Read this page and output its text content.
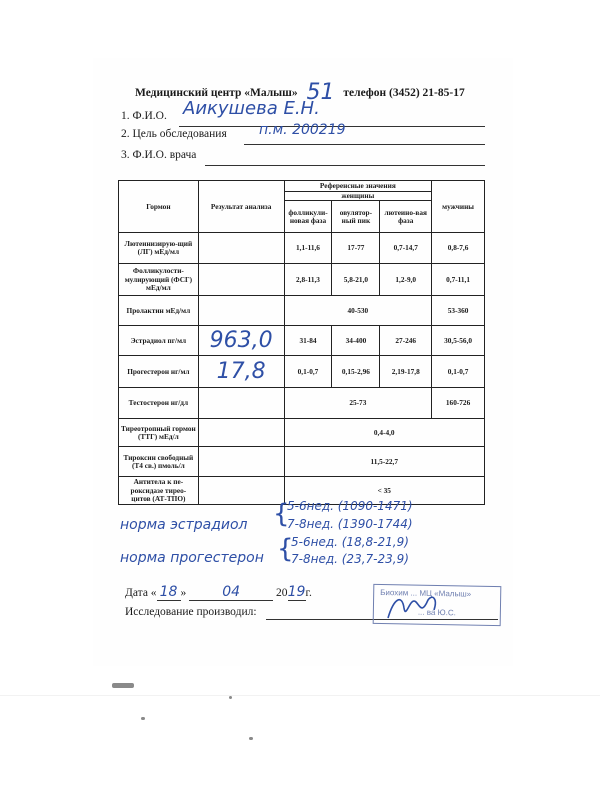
Медицинский центр «Малыш» 51 телефон (3452) 21-85-17
1. Ф.И.О. Аикушева Е.Н.
2. Цель обследования п.м. 200219
3. Ф.И.О. врача
Гормон	Результат анализа	Референсные значения			мужчины
		женщины			
		фолликули-новая фаза	овулятор-ный пик	лютеино-вая фаза	
Лютеинизирую-щий (ЛГ) мЕд/мл		1,1-11,6	17-77	0,7-14,7	0,8-7,6
Фолликулости-мулирующий (ФСГ) мЕд/мл		2,8-11,3	5,8-21,0	1,2-9,0	0,7-11,1
Пролактин мЕд/мл		40-530			53-360
Эстрадиол пг/мл	963,0	31-84	34-400	27-246	30,5-56,0
Прогестерон нг/мл	17,8	0,1-0,7	0,15-2,96	2,19-17,8	0,1-0,7
Тестостерон нг/дл		25-73			160-726
Тиреотропный гормон (ТТГ) мЕд/л		0,4-4,0			
Тироксин свободный (Т4 св.) пмоль/л		11,5-22,7			
Антитела к пе-роксидазе тирео-цитов (АТ-ТПО)		< 35			
норма эстрадиол {
5-6нед. (1090-1471)
7-8нед. (1390-1744)
норма прогестерон {
5-6нед. (18,8-21,9)
7-8нед. (23,7-23,9)
Дата « 18 »	04	2019г.
Исследование производил:
Биохим ... МЦ «Малыш»
... ва Ю.С.
